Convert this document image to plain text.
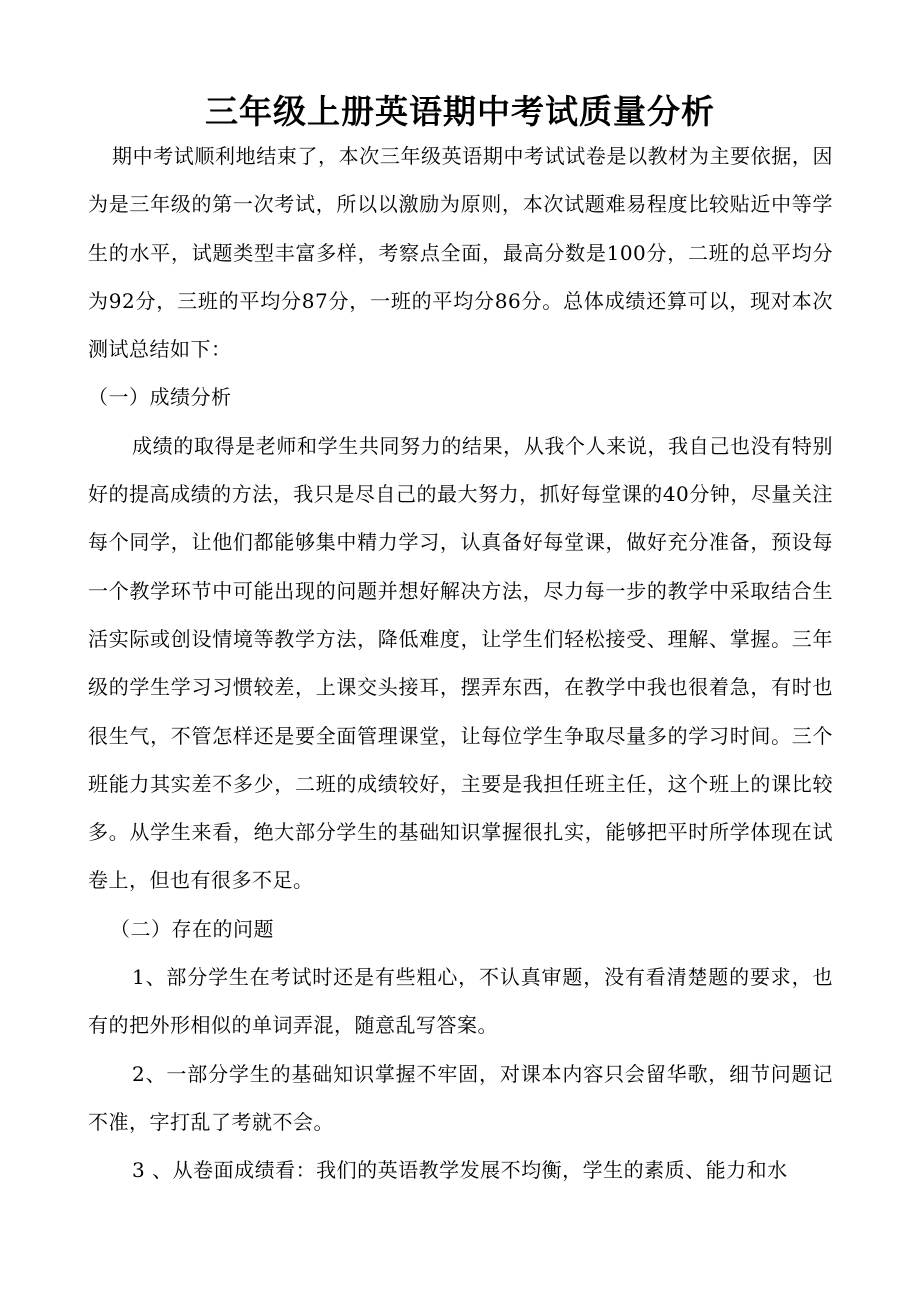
三年级上册英语期中考试质量分析

期中考试顺利地结束了，本次三年级英语期中考试试卷是以教材为主要依据，因为是三年级的第一次考试，所以以激励为原则，本次试题难易程度比较贴近中等学生的水平，试题类型丰富多样，考察点全面，最高分数是100分，二班的总平均分为92分，三班的平均分87分，一班的平均分86分。总体成绩还算可以，现对本次测试总结如下：

（一）成绩分析

成绩的取得是老师和学生共同努力的结果，从我个人来说，我自己也没有特别好的提高成绩的方法，我只是尽自己的最大努力，抓好每堂课的40分钟，尽量关注每个同学，让他们都能够集中精力学习，认真备好每堂课，做好充分准备，预设每一个教学环节中可能出现的问题并想好解决方法，尽力每一步的教学中采取结合生活实际或创设情境等教学方法，降低难度，让学生们轻松接受、理解、掌握。三年级的学生学习习惯较差，上课交头接耳，摆弄东西，在教学中我也很着急，有时也很生气，不管怎样还是要全面管理课堂，让每位学生争取尽量多的学习时间。三个班能力其实差不多少，二班的成绩较好，主要是我担任班主任，这个班上的课比较多。从学生来看，绝大部分学生的基础知识掌握很扎实，能够把平时所学体现在试卷上，但也有很多不足。

（二）存在的问题

1、部分学生在考试时还是有些粗心，不认真审题，没有看清楚题的要求，也有的把外形相似的单词弄混，随意乱写答案。

2、一部分学生的基础知识掌握不牢固，对课本内容只会留华歌，细节问题记不准，字打乱了考就不会。

3 、从卷面成绩看：我们的英语教学发展不均衡，学生的素质、能力和水
